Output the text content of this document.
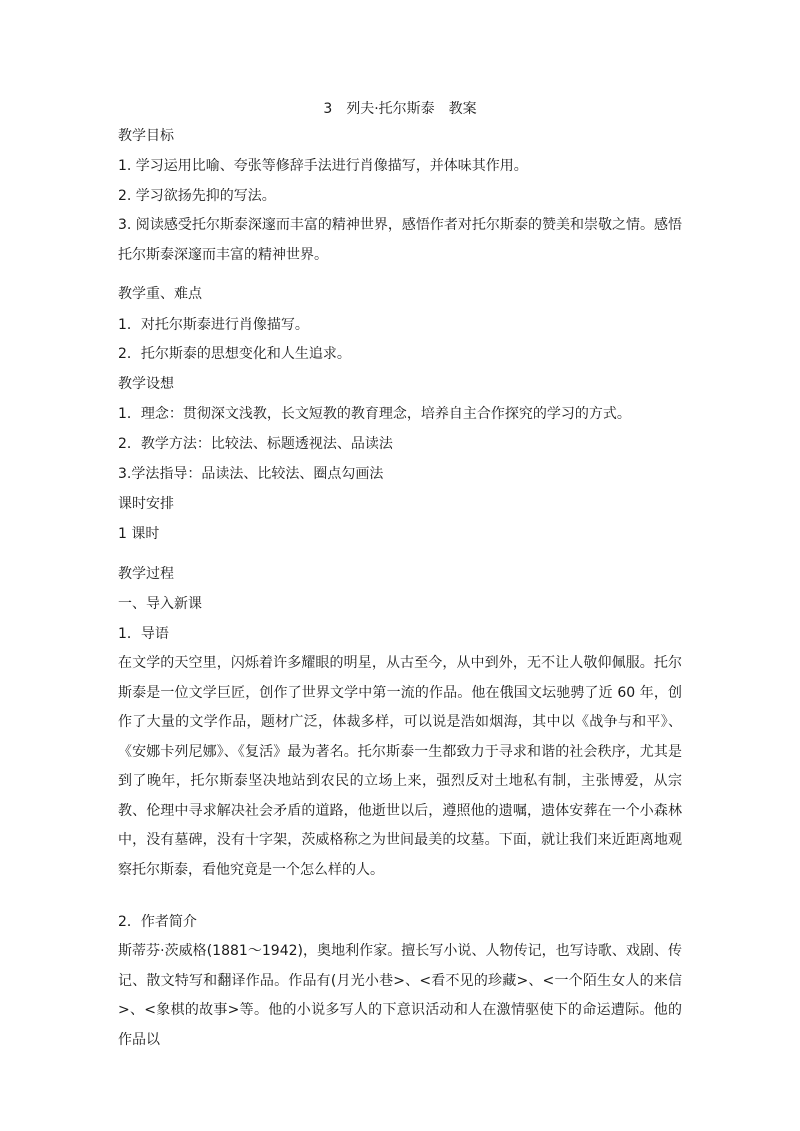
3　列夫·托尔斯泰　教案
教学目标
1. 学习运用比喻、夸张等修辞手法进行肖像描写，并体味其作用。
2. 学习欲扬先抑的写法。
3. 阅读感受托尔斯泰深邃而丰富的精神世界，感悟作者对托尔斯泰的赞美和崇敬之情。感悟托尔斯泰深邃而丰富的精神世界。
教学重、难点
1．对托尔斯泰进行肖像描写。
2．托尔斯泰的思想变化和人生追求。
教学设想
1．理念：贯彻深文浅教，长文短教的教育理念，培养自主合作探究的学习的方式。
2．教学方法：比较法、标题透视法、品读法
3.学法指导：品读法、比较法、圈点勾画法
课时安排
1 课时
教学过程
一、导入新课
1．导语
在文学的天空里，闪烁着许多耀眼的明星，从古至今，从中到外，无不让人敬仰佩服。托尔斯泰是一位文学巨匠，创作了世界文学中第一流的作品。他在俄国文坛驰骋了近 60 年，创作了大量的文学作品，题材广泛，体裁多样，可以说是浩如烟海，其中以《战争与和平》、《安娜卡列尼娜》、《复活》最为著名。托尔斯泰一生都致力于寻求和谐的社会秩序，尤其是到了晚年，托尔斯泰坚决地站到农民的立场上来，强烈反对土地私有制，主张博爱，从宗教、伦理中寻求解决社会矛盾的道路，他逝世以后，遵照他的遗嘱，遗体安葬在一个小森林中，没有墓碑，没有十字架，茨威格称之为世间最美的坟墓。下面，就让我们来近距离地观察托尔斯泰，看他究竟是一个怎么样的人。
2．作者简介
斯蒂芬·茨威格(1881～1942)，奥地利作家。擅长写小说、人物传记，也写诗歌、戏剧、传记、散文特写和翻译作品。作品有(月光小巷>、<看不见的珍藏>、<一个陌生女人的来信>、<象棋的故事>等。他的小说多写人的下意识活动和人在激情驱使下的命运遭际。他的作品以
